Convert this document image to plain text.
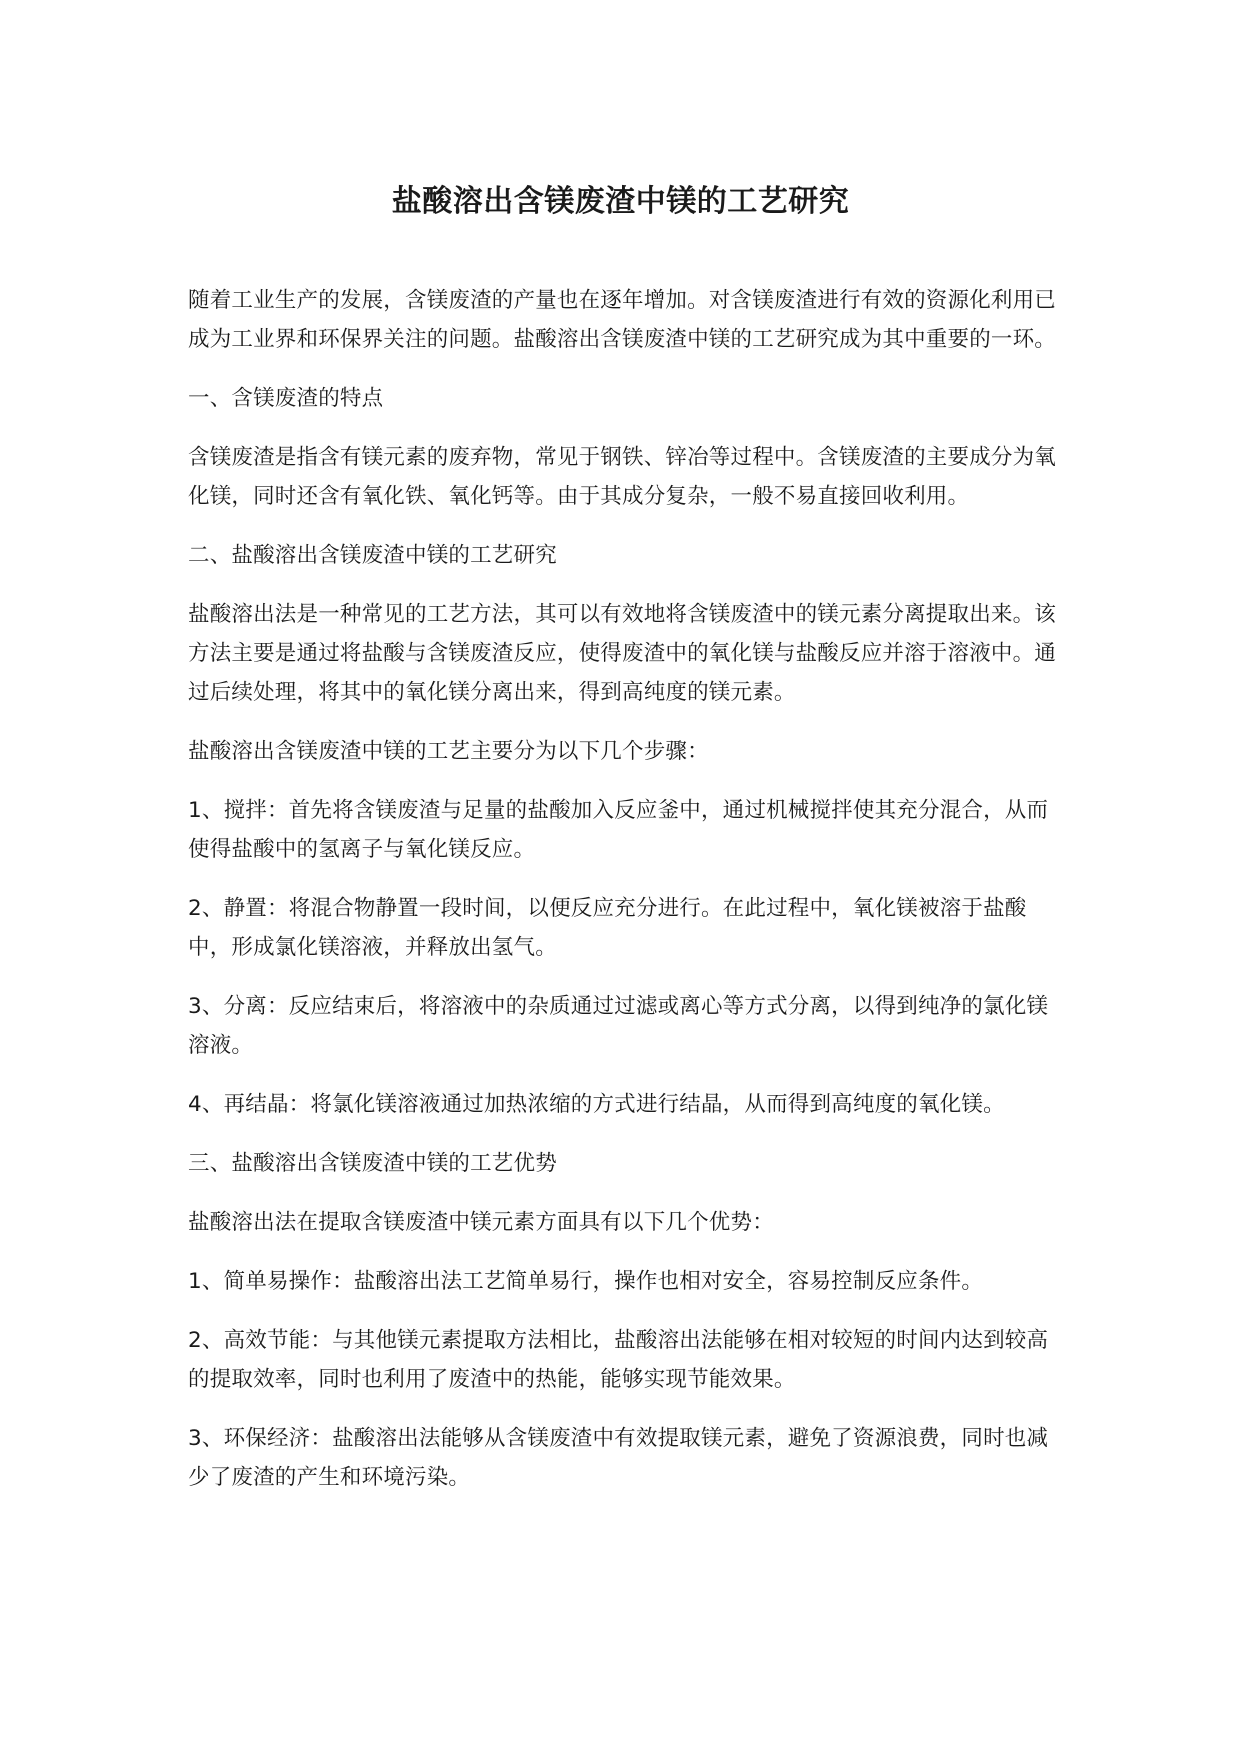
盐酸溶出含镁废渣中镁的工艺研究

随着工业生产的发展，含镁废渣的产量也在逐年增加。对含镁废渣进行有效的资源化利用已成为工业界和环保界关注的问题。盐酸溶出含镁废渣中镁的工艺研究成为其中重要的一环。

一、含镁废渣的特点

含镁废渣是指含有镁元素的废弃物，常见于钢铁、锌冶等过程中。含镁废渣的主要成分为氧化镁，同时还含有氧化铁、氧化钙等。由于其成分复杂，一般不易直接回收利用。

二、盐酸溶出含镁废渣中镁的工艺研究

盐酸溶出法是一种常见的工艺方法，其可以有效地将含镁废渣中的镁元素分离提取出来。该方法主要是通过将盐酸与含镁废渣反应，使得废渣中的氧化镁与盐酸反应并溶于溶液中。通过后续处理，将其中的氧化镁分离出来，得到高纯度的镁元素。

盐酸溶出含镁废渣中镁的工艺主要分为以下几个步骤：

1、搅拌：首先将含镁废渣与足量的盐酸加入反应釜中，通过机械搅拌使其充分混合，从而使得盐酸中的氢离子与氧化镁反应。

2、静置：将混合物静置一段时间，以便反应充分进行。在此过程中，氧化镁被溶于盐酸中，形成氯化镁溶液，并释放出氢气。

3、分离：反应结束后，将溶液中的杂质通过过滤或离心等方式分离，以得到纯净的氯化镁溶液。

4、再结晶：将氯化镁溶液通过加热浓缩的方式进行结晶，从而得到高纯度的氧化镁。

三、盐酸溶出含镁废渣中镁的工艺优势

盐酸溶出法在提取含镁废渣中镁元素方面具有以下几个优势：

1、简单易操作：盐酸溶出法工艺简单易行，操作也相对安全，容易控制反应条件。

2、高效节能：与其他镁元素提取方法相比，盐酸溶出法能够在相对较短的时间内达到较高的提取效率，同时也利用了废渣中的热能，能够实现节能效果。

3、环保经济：盐酸溶出法能够从含镁废渣中有效提取镁元素，避免了资源浪费，同时也减少了废渣的产生和环境污染。
